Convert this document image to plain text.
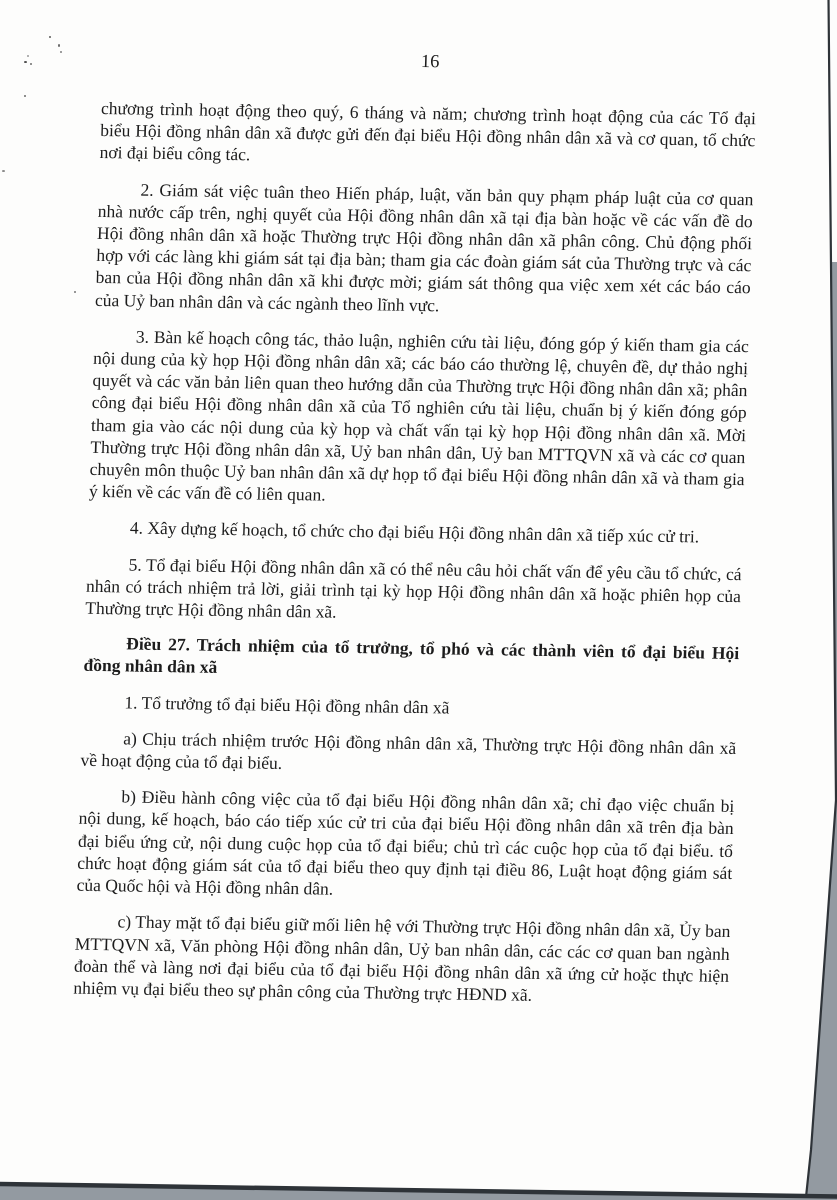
16

chương trình hoạt động theo quý, 6 tháng và năm; chương trình hoạt động của các Tổ đại biểu Hội đồng nhân dân xã được gửi đến đại biểu Hội đồng nhân dân xã và cơ quan, tổ chức nơi đại biểu công tác.

2. Giám sát việc tuân theo Hiến pháp, luật, văn bản quy phạm pháp luật của cơ quan nhà nước cấp trên, nghị quyết của Hội đồng nhân dân xã tại địa bàn hoặc về các vấn đề do Hội đồng nhân dân xã hoặc Thường trực Hội đồng nhân dân xã phân công. Chủ động phối hợp với các làng khi giám sát tại địa bàn; tham gia các đoàn giám sát của Thường trực và các ban của Hội đồng nhân dân xã khi được mời; giám sát thông qua việc xem xét các báo cáo của Uỷ ban nhân dân và các ngành theo lĩnh vực.

3. Bàn kế hoạch công tác, thảo luận, nghiên cứu tài liệu, đóng góp ý kiến tham gia các nội dung của kỳ họp Hội đồng nhân dân xã; các báo cáo thường lệ, chuyên đề, dự thảo nghị quyết và các văn bản liên quan theo hướng dẫn của Thường trực Hội đồng nhân dân xã; phân công đại biểu Hội đồng nhân dân xã của Tổ nghiên cứu tài liệu, chuẩn bị ý kiến đóng góp tham gia vào các nội dung của kỳ họp và chất vấn tại kỳ họp Hội đồng nhân dân xã. Mời Thường trực Hội đồng nhân dân xã, Uỷ ban nhân dân, Uỷ ban MTTQVN xã và các cơ quan chuyên môn thuộc Uỷ ban nhân dân xã dự họp tổ đại biểu Hội đồng nhân dân xã và tham gia ý kiến về các vấn đề có liên quan.

4. Xây dựng kế hoạch, tổ chức cho đại biểu Hội đồng nhân dân xã tiếp xúc cử tri.

5. Tổ đại biểu Hội đồng nhân dân xã có thể nêu câu hỏi chất vấn để yêu cầu tổ chức, cá nhân có trách nhiệm trả lời, giải trình tại kỳ họp Hội đồng nhân dân xã hoặc phiên họp của Thường trực Hội đồng nhân dân xã.

Điều 27. Trách nhiệm của tổ trưởng, tổ phó và các thành viên tổ đại biểu Hội đồng nhân dân xã

1. Tổ trưởng tổ đại biểu Hội đồng nhân dân xã

a) Chịu trách nhiệm trước Hội đồng nhân dân xã, Thường trực Hội đồng nhân dân xã về hoạt động của tổ đại biểu.

b) Điều hành công việc của tổ đại biểu Hội đồng nhân dân xã; chỉ đạo việc chuẩn bị nội dung, kế hoạch, báo cáo tiếp xúc cử tri của đại biểu Hội đồng nhân dân xã trên địa bàn đại biểu ứng cử, nội dung cuộc họp của tổ đại biểu; chủ trì các cuộc họp của tổ đại biểu. tổ chức hoạt động giám sát của tổ đại biểu theo quy định tại điều 86, Luật hoạt động giám sát của Quốc hội và Hội đồng nhân dân.

c) Thay mặt tổ đại biểu giữ mối liên hệ với Thường trực Hội đồng nhân dân xã, Ủy ban MTTQVN xã, Văn phòng Hội đồng nhân dân, Uỷ ban nhân dân, các các cơ quan ban ngành đoàn thể và làng nơi đại biểu của tổ đại biểu Hội đồng nhân dân xã ứng cử hoặc thực hiện nhiệm vụ đại biểu theo sự phân công của Thường trực HĐND xã.
